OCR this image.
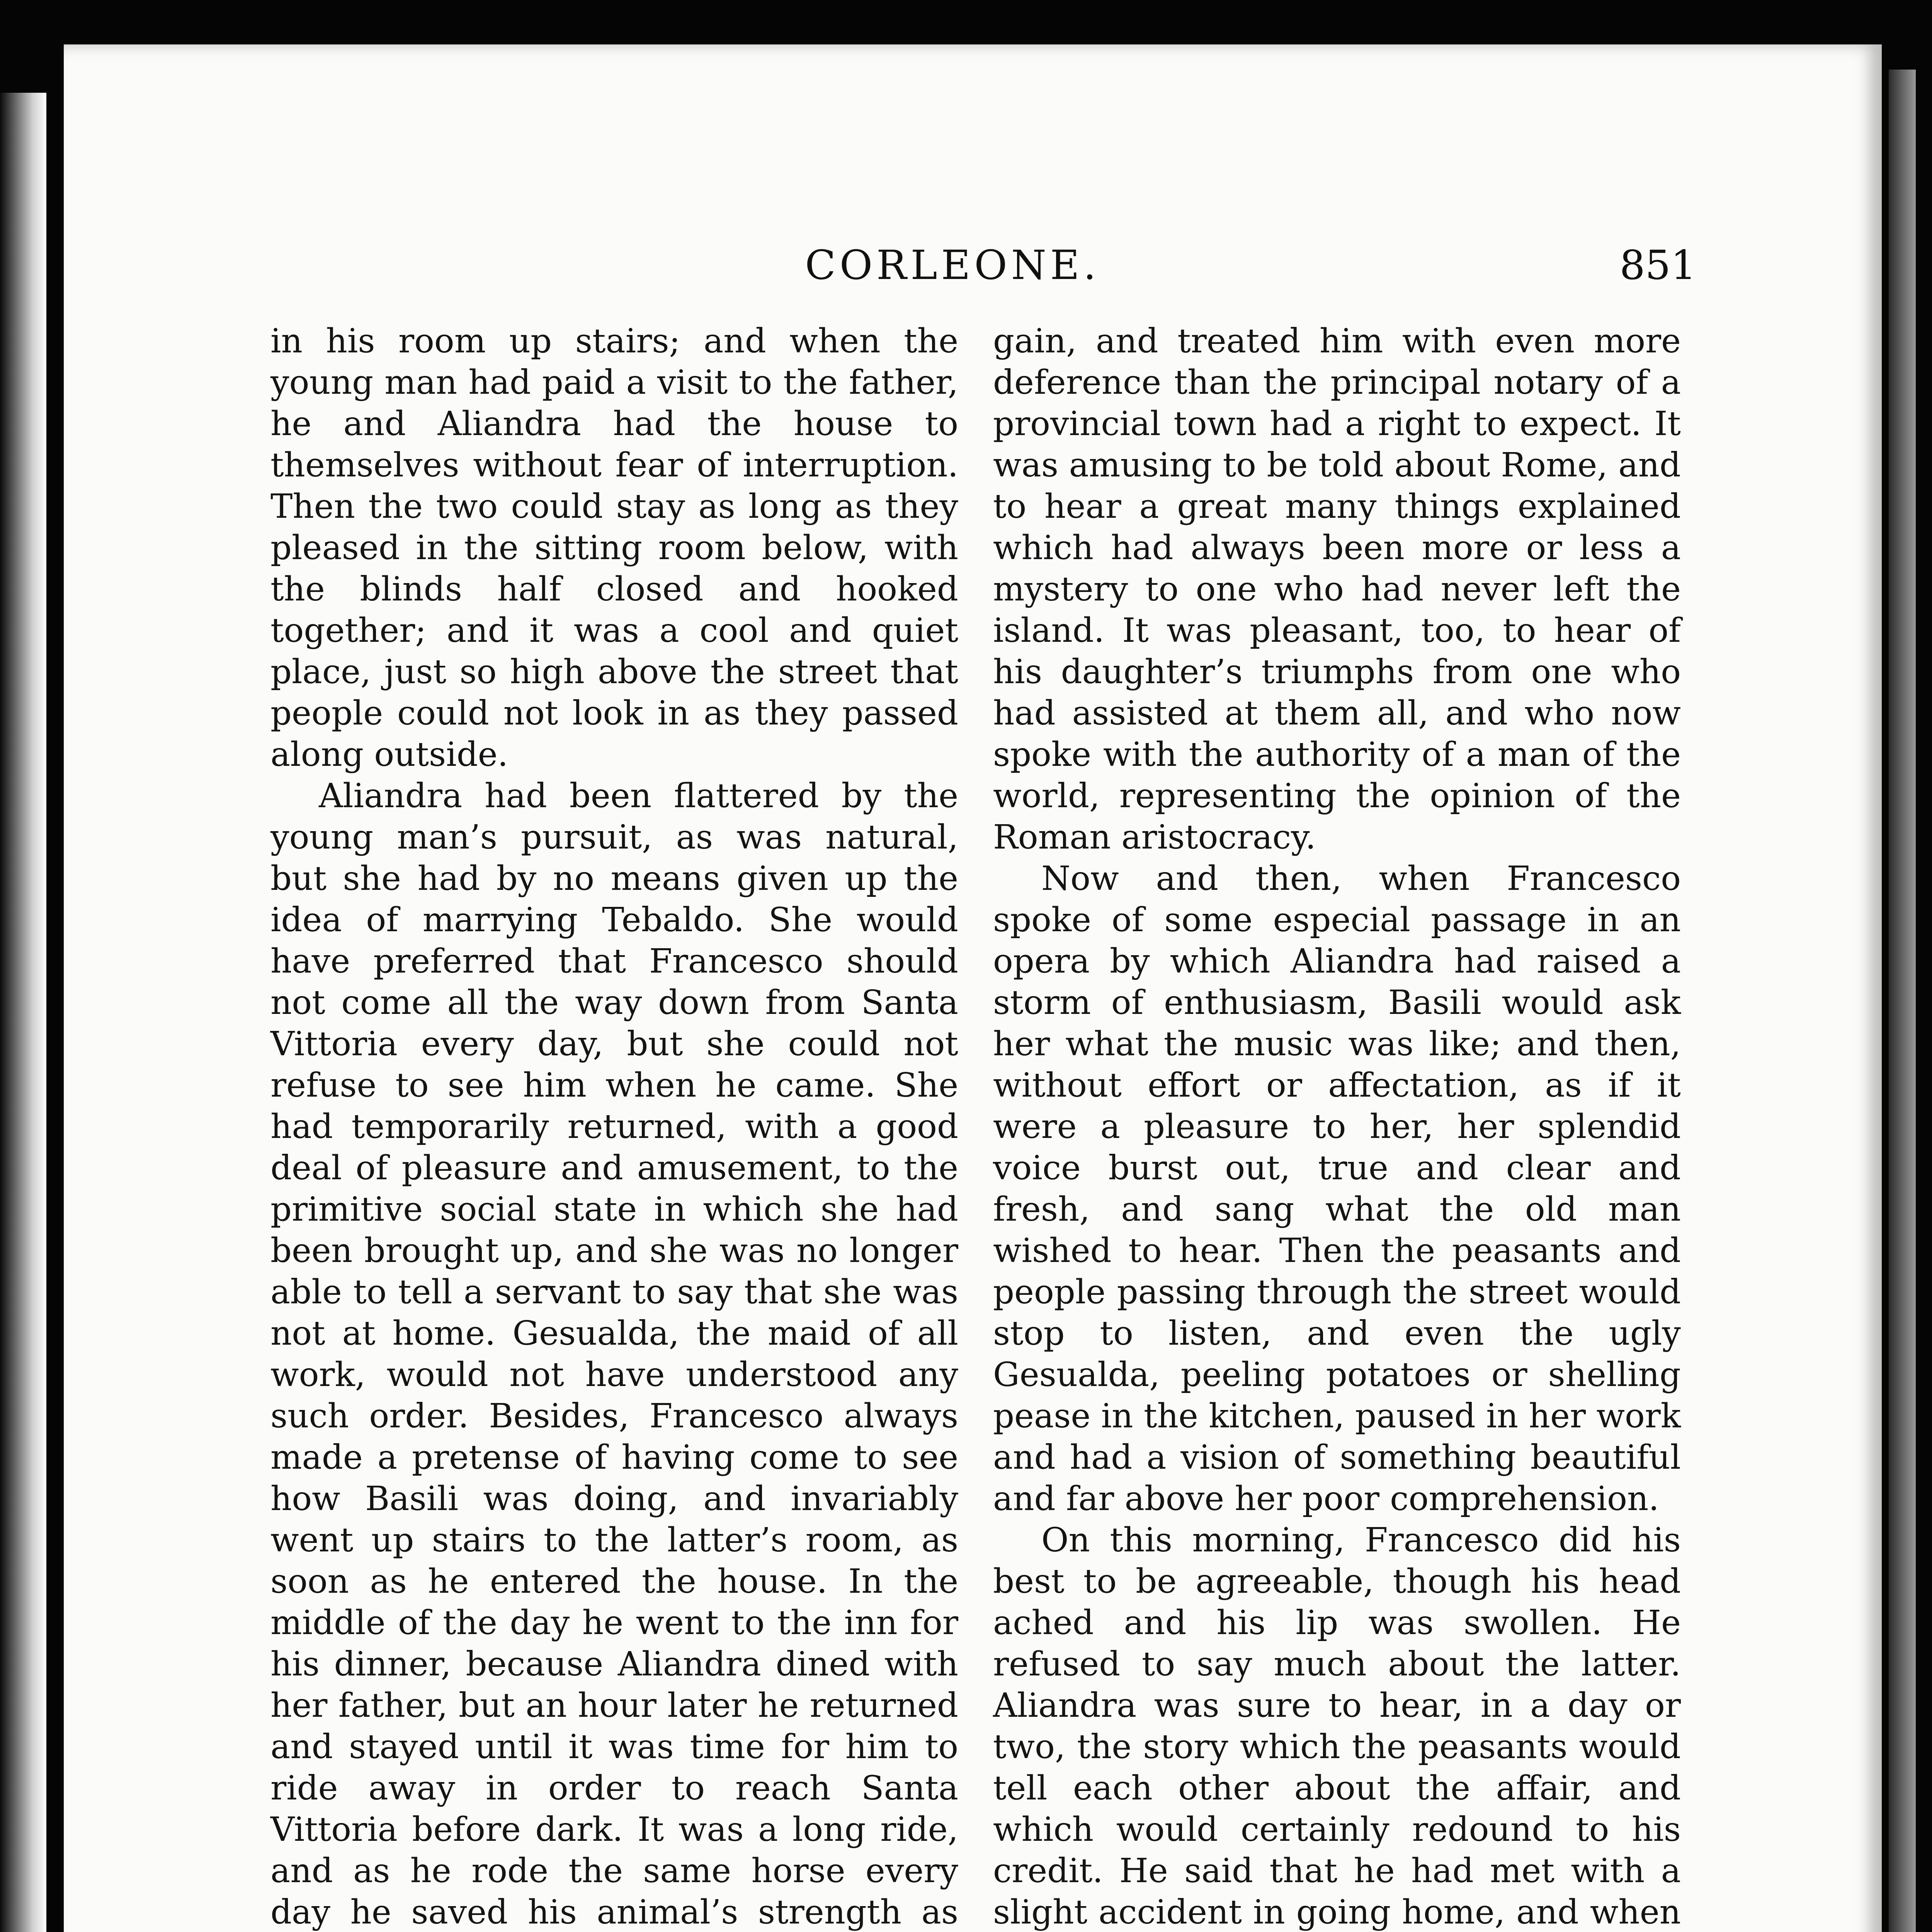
CORLEONE.	851

in his room up stairs; and when the young man had paid a visit to the father, he and Aliandra had the house to themselves without fear of interruption. Then the two could stay as long as they pleased in the sitting room below, with the blinds half closed and hooked together; and it was a cool and quiet place, just so high above the street that people could not look in as they passed along outside.

Aliandra had been flattered by the young man’s pursuit, as was natural, but she had by no means given up the idea of marrying Tebaldo. She would have preferred that Francesco should not come all the way down from Santa Vittoria every day, but she could not refuse to see him when he came. She had temporarily returned, with a good deal of pleasure and amusement, to the primitive social state in which she had been brought up, and she was no longer able to tell a servant to say that she was not at home. Gesualda, the maid of all work, would not have understood any such order. Besides, Francesco always made a pretense of having come to see how Basili was doing, and invariably went up stairs to the latter’s room, as soon as he entered the house. In the middle of the day he went to the inn for his dinner, because Aliandra dined with her father, but an hour later he returned and stayed until it was time for him to ride away in order to reach Santa Vittoria before dark. It was a long ride, and as he rode the same horse every day he saved his animal’s strength as

gain, and treated him with even more deference than the principal notary of a provincial town had a right to expect. It was amusing to be told about Rome, and to hear a great many things explained which had always been more or less a mystery to one who had never left the island. It was pleasant, too, to hear of his daughter’s triumphs from one who had assisted at them all, and who now spoke with the authority of a man of the world, representing the opinion of the Roman aristocracy.

Now and then, when Francesco spoke of some especial passage in an opera by which Aliandra had raised a storm of enthusiasm, Basili would ask her what the music was like; and then, without effort or affectation, as if it were a pleasure to her, her splendid voice burst out, true and clear and fresh, and sang what the old man wished to hear. Then the peasants and people passing through the street would stop to listen, and even the ugly Gesualda, peeling potatoes or shelling pease in the kitchen, paused in her work and had a vision of something beautiful and far above her poor comprehension.

On this morning, Francesco did his best to be agreeable, though his head ached and his lip was swollen. He refused to say much about the latter. Aliandra was sure to hear, in a day or two, the story which the peasants would tell each other about the affair, and which would certainly redound to his credit. He said that he had met with a slight accident in going home, and when
